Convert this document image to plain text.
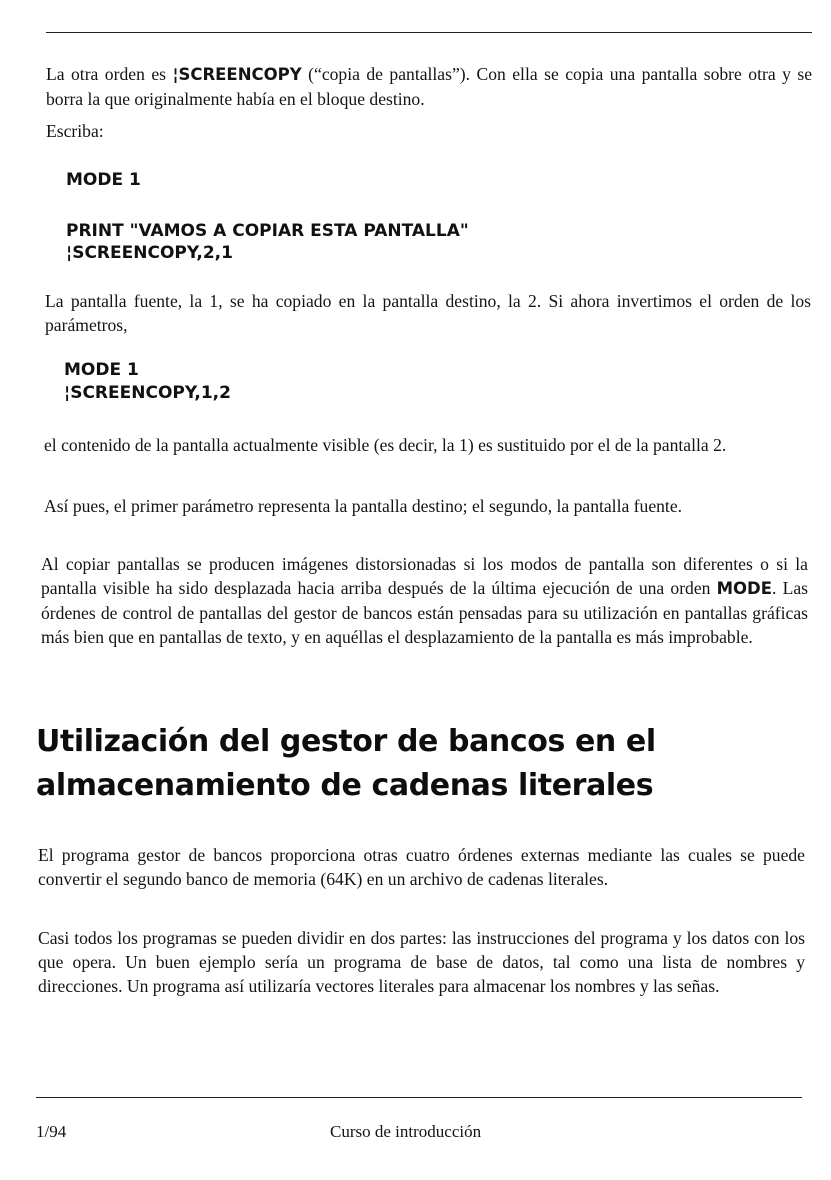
La otra orden es ¦SCREENCOPY (“copia de pantallas”). Con ella se copia una pantalla sobre otra y se borra la que originalmente había en el bloque destino.

Escriba:

MODE 1
PRINT "VAMOS A COPIAR ESTA PANTALLA"
¦SCREENCOPY,2,1

La pantalla fuente, la 1, se ha copiado en la pantalla destino, la 2. Si ahora invertimos el orden de los parámetros,

MODE 1
¦SCREENCOPY,1,2

el contenido de la pantalla actualmente visible (es decir, la 1) es sustituido por el de la pantalla 2.

Así pues, el primer parámetro representa la pantalla destino; el segundo, la pantalla fuente.

Al copiar pantallas se producen imágenes distorsionadas si los modos de pantalla son diferentes o si la pantalla visible ha sido desplazada hacia arriba después de la última ejecución de una orden MODE. Las órdenes de control de pantallas del gestor de bancos están pensadas para su utilización en pantallas gráficas más bien que en pantallas de texto, y en aquéllas el desplazamiento de la pantalla es más improbable.

Utilización del gestor de bancos en el
almacenamiento de cadenas literales

El programa gestor de bancos proporciona otras cuatro órdenes externas mediante las cuales se puede convertir el segundo banco de memoria (64K) en un archivo de cadenas literales.

Casi todos los programas se pueden dividir en dos partes: las instrucciones del programa y los datos con los que opera. Un buen ejemplo sería un programa de base de datos, tal como una lista de nombres y direcciones. Un programa así utilizaría vectores literales para almacenar los nombres y las señas.

1/94	Curso de introducción
